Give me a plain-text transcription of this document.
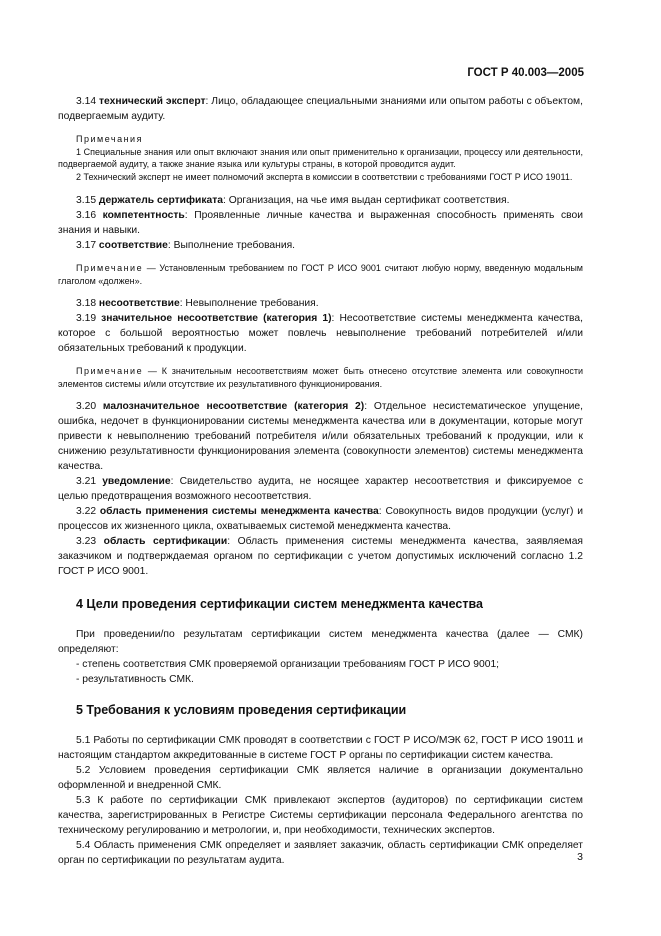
ГОСТ Р 40.003—2005

3.14 технический эксперт: Лицо, обладающее специальными знаниями или опытом работы с объектом, подвергаемым аудиту.

Примечания

1 Специальные знания или опыт включают знания или опыт применительно к организации, процессу или деятельности, подвергаемой аудиту, а также знание языка или культуры страны, в которой проводится аудит.

2 Технический эксперт не имеет полномочий эксперта в комиссии в соответствии с требованиями ГОСТ Р ИСО 19011.

3.15 держатель сертификата: Организация, на чье имя выдан сертификат соответствия.

3.16 компетентность: Проявленные личные качества и выраженная способность применять свои знания и навыки.

3.17 соответствие: Выполнение требования.

Примечание — Установленным требованием по ГОСТ Р ИСО 9001 считают любую норму, введенную модальным глаголом «должен».

3.18 несоответствие: Невыполнение требования.

3.19 значительное несоответствие (категория 1): Несоответствие системы менеджмента качества, которое с большой вероятностью может повлечь невыполнение требований потребителей и/или обязательных требований к продукции.

Примечание — К значительным несоответствиям может быть отнесено отсутствие элемента или совокупности элементов системы и/или отсутствие их результативного функционирования.

3.20 малозначительное несоответствие (категория 2): Отдельное несистематическое упущение, ошибка, недочет в функционировании системы менеджмента качества или в документации, которые могут привести к невыполнению требований потребителя и/или обязательных требований к продукции, или к снижению результативности функционирования элемента (совокупности элементов) системы менеджмента качества.

3.21 уведомление: Свидетельство аудита, не носящее характер несоответствия и фиксируемое с целью предотвращения возможного несоответствия.

3.22 область применения системы менеджмента качества: Совокупность видов продукции (услуг) и процессов их жизненного цикла, охватываемых системой менеджмента качества.

3.23 область сертификации: Область применения системы менеджмента качества, заявляемая заказчиком и подтверждаемая органом по сертификации с учетом допустимых исключений согласно 1.2 ГОСТ Р ИСО 9001.

4 Цели проведения сертификации систем менеджмента качества

При проведении/по результатам сертификации систем менеджмента качества (далее — СМК) определяют:

- степень соответствия СМК проверяемой организации требованиям ГОСТ Р ИСО 9001;

- результативность СМК.

5 Требования к условиям проведения сертификации

5.1 Работы по сертификации СМК проводят в соответствии с ГОСТ Р ИСО/МЭК 62, ГОСТ Р ИСО 19011 и настоящим стандартом аккредитованные в системе ГОСТ Р органы по сертификации систем качества.

5.2 Условием проведения сертификации СМК является наличие в организации документально оформленной и внедренной СМК.

5.3 К работе по сертификации СМК привлекают экспертов (аудиторов) по сертификации систем качества, зарегистрированных в Регистре Системы сертификации персонала Федерального агентства по техническому регулированию и метрологии, и, при необходимости, технических экспертов.

5.4 Область применения СМК определяет и заявляет заказчик, область сертификации СМК определяет орган по сертификации по результатам аудита.	3
